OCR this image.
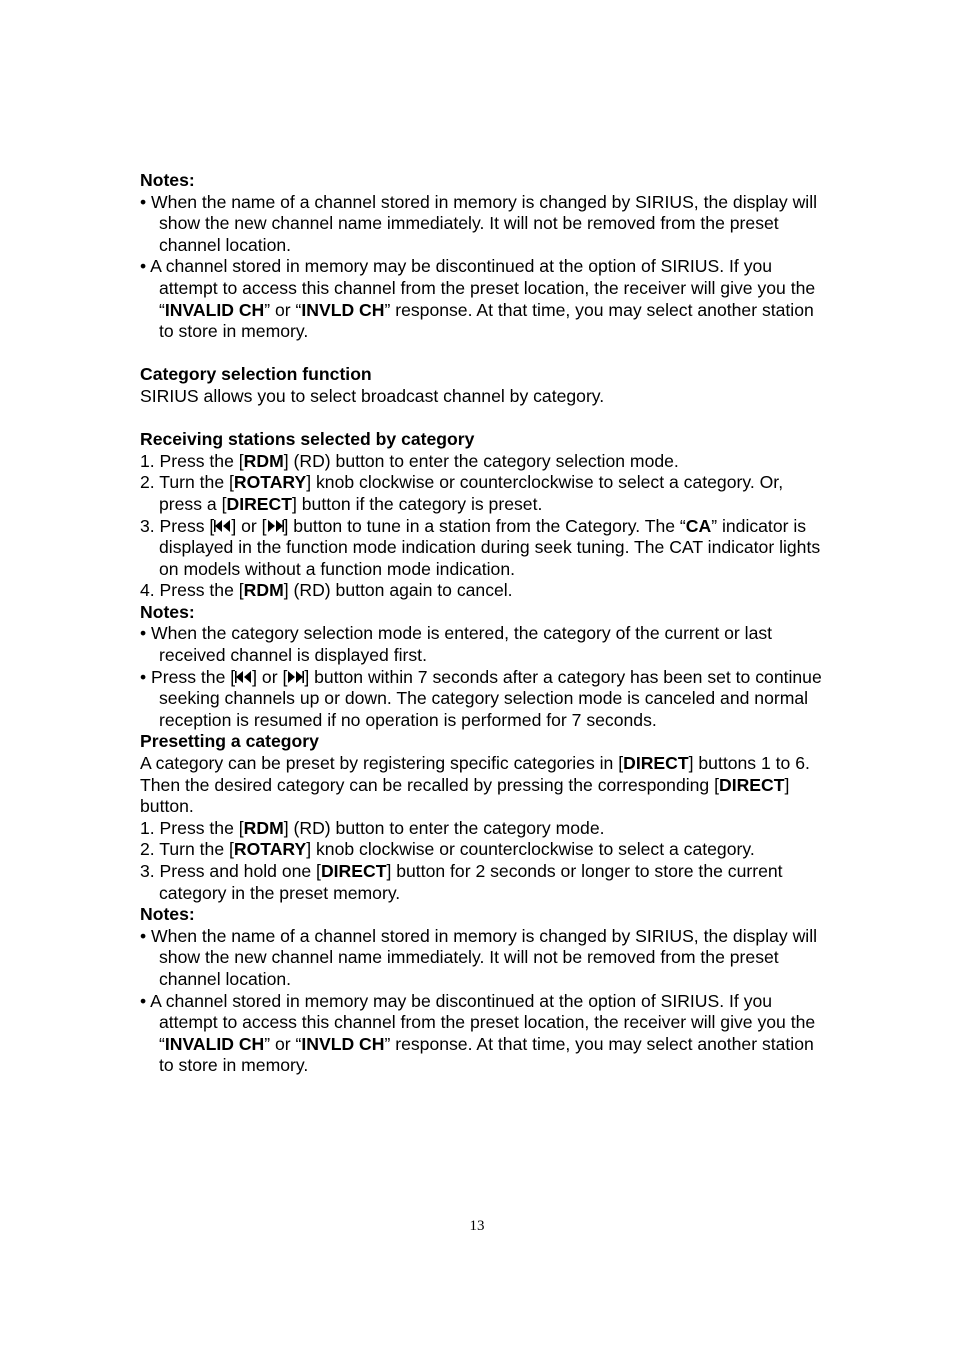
Notes:
• When the name of a channel stored in memory is changed by SIRIUS, the display will show the new channel name immediately. It will not be removed from the preset channel location.
• A channel stored in memory may be discontinued at the option of SIRIUS. If you attempt to access this channel from the preset location, the receiver will give you the “INVALID CH” or “INVLD CH” response. At that time, you may select another station to store in memory.
Category selection function
SIRIUS allows you to select broadcast channel by category.
Receiving stations selected by category
1. Press the [RDM] (RD) button to enter the category selection mode.
2. Turn the [ROTARY] knob clockwise or counterclockwise to select a category. Or, press a [DIRECT] button if the category is preset.
3. Press [ ] or [ ] button to tune in a station from the Category. The “CA” indicator is displayed in the function mode indication during seek tuning. The CAT indicator lights on models without a function mode indication.
4. Press the [RDM] (RD) button again to cancel.
Notes:
• When the category selection mode is entered, the category of the current or last received channel is displayed first.
• Press the [ ] or [ ] button within 7 seconds after a category has been set to continue seeking channels up or down. The category selection mode is canceled and normal reception is resumed if no operation is performed for 7 seconds.
Presetting a category
A category can be preset by registering specific categories in [DIRECT] buttons 1 to 6. Then the desired category can be recalled by pressing the corresponding [DIRECT] button.
1. Press the [RDM] (RD) button to enter the category mode.
2. Turn the [ROTARY] knob clockwise or counterclockwise to select a category.
3. Press and hold one [DIRECT] button for 2 seconds or longer to store the current category in the preset memory.
Notes:
• When the name of a channel stored in memory is changed by SIRIUS, the display will show the new channel name immediately. It will not be removed from the preset channel location.
• A channel stored in memory may be discontinued at the option of SIRIUS. If you attempt to access this channel from the preset location, the receiver will give you the “INVALID CH” or “INVLD CH” response. At that time, you may select another station to store in memory.
13
